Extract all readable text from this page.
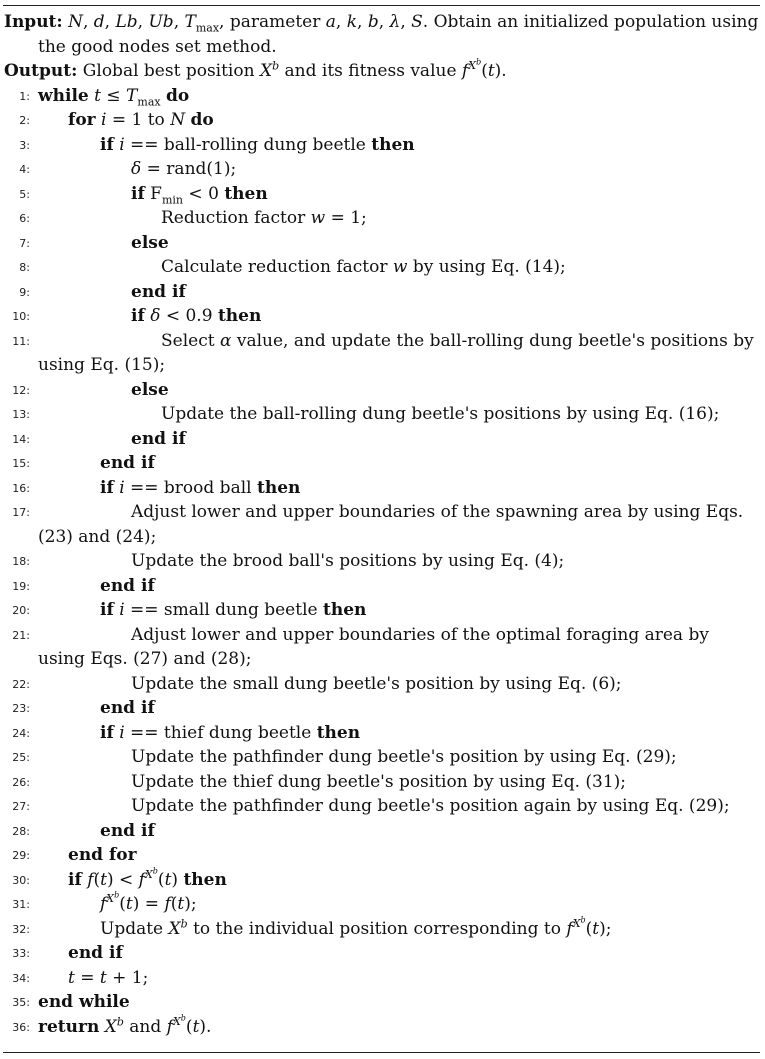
Input: N, d, Lb, Ub, $T_{max}$, parameter a, k, b, λ, S. Obtain an initialized population using the good nodes set method.
Output: Global best position $X^b$ and its fitness value $f^{X^b}(t)$.
1: while $t \le T_{max}$ do
2: for i = 1 to N do
3:	if i == ball-rolling dung beetle then
4:	δ = rand(1);
5:	if $F_{min} < 0$ then
6:	Reduction factor w = 1;
7:	else
8:	Calculate reduction factor w by using Eq. (14);
9:	end if
10:	if δ < 0.9 then
11:	Select α value, and update the ball-rolling dung beetle's positions by using Eq. (15);
12:	else
13:	Update the ball-rolling dung beetle's positions by using Eq. (16);
14:	end if
15:	end if
16:	if i == brood ball then
17:	Adjust lower and upper boundaries of the spawning area by using Eqs. (23) and (24);
18:	Update the brood ball's positions by using Eq. (4);
19:	end if
20:	if i == small dung beetle then
21:	Adjust lower and upper boundaries of the optimal foraging area by using Eqs. (27) and (28);
22:	Update the small dung beetle's position by using Eq. (6);
23:	end if
24:	if i == thief dung beetle then
25:	Update the pathfinder dung beetle's position by using Eq. (29);
26:	Update the thief dung beetle's position by using Eq. (31);
27:	Update the pathfinder dung beetle's position again by using Eq. (29);
28:	end if
29: end for
30: if $f(t) < f^{X^b}(t)$ then
31:	$f^{X^b}(t) = f(t)$;
32:	Update $X^b$ to the individual position corresponding to $f^{X^b}(t)$;
33: end if
34: t = t + 1;
35: end while
36: return $X^b$ and $f^{X^b}(t)$.
